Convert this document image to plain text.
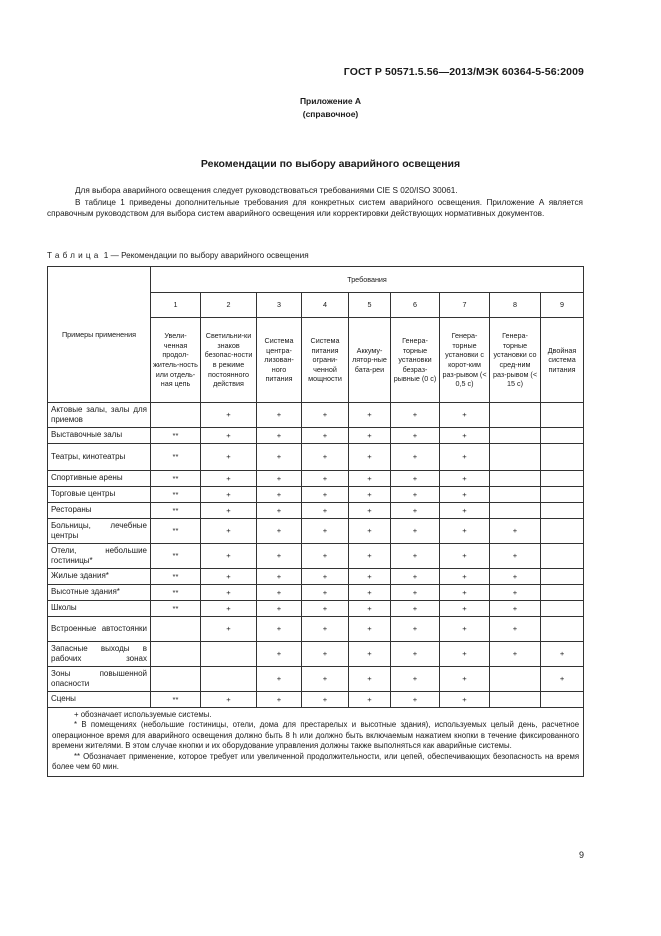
ГОСТ Р 50571.5.56—2013/МЭК 60364-5-56:2009
Приложение А
(справочное)
Рекомендации по выбору аварийного освещения

Для выбора аварийного освещения следует руководствоваться требованиями CIE S 020/ISO 30061.

В таблице 1 приведены дополнительные требования для конкретных систем аварийного освещения. Приложение А является справочным руководством для выбора систем аварийного освещения или корректировки действующих нормативных документов.

Таблица 1 — Рекомендации по выбору аварийного освещения
Примеры применения	Требования								
	1	2	3	4	5	6	7	8	9
	Увели-ченная продол-житель-ность или отдель-ная цепь	Светильни-ки знаков безопас-ности в режиме постоянного действия	Система центра-лизован-ного питания	Система питания ограни-ченной мощности	Аккуму-лятор-ные бата-реи	Генера-торные установки безраз-рывные (0 с)	Генера-торные установки с корот-ким раз-рывом (< 0,5 с)	Генера-торные установки со сред-ним раз-рывом (< 15 с)	Двойная система питания
Актовые залы, залы для приемов		+	+	+	+	+	+		
Выставочные залы	**	+	+	+	+	+	+		
Театры, кинотеатры	**	+	+	+	+	+	+		
Спортивные арены	**	+	+	+	+	+	+		
Торговые центры	**	+	+	+	+	+	+		
Рестораны	**	+	+	+	+	+	+		
Больницы, лечебные центры	**	+	+	+	+	+	+	+	
Отели, небольшие гостиницы*	**	+	+	+	+	+	+	+	
Жилые здания*	**	+	+	+	+	+	+	+	
Высотные здания*	**	+	+	+	+	+	+	+	
Школы	**	+	+	+	+	+	+	+	
Встроенные автостоянки		+	+	+	+	+	+	+	
Запасные выходы в рабочих зонах			+	+	+	+	+	+	+
Зоны повышенной опасности			+	+	+	+	+		+
Сцены	**	+	+	+	+	+	+		

+ обозначает используемые системы.
* В помещениях (небольшие гостиницы, отели, дома для престарелых и высотные здания), используемых целый день, расчетное операционное время для аварийного освещения должно быть 8 h или должно быть включаемым нажатием кнопки в течение фиксированного времени жителями. В этом случае кнопки и их оборудование управления должны также выполняться как аварийные системы.
** Обозначает применение, которое требует или увеличенной продолжительности, или цепей, обеспечивающих безопасность на время более чем 60 мин.									
9
